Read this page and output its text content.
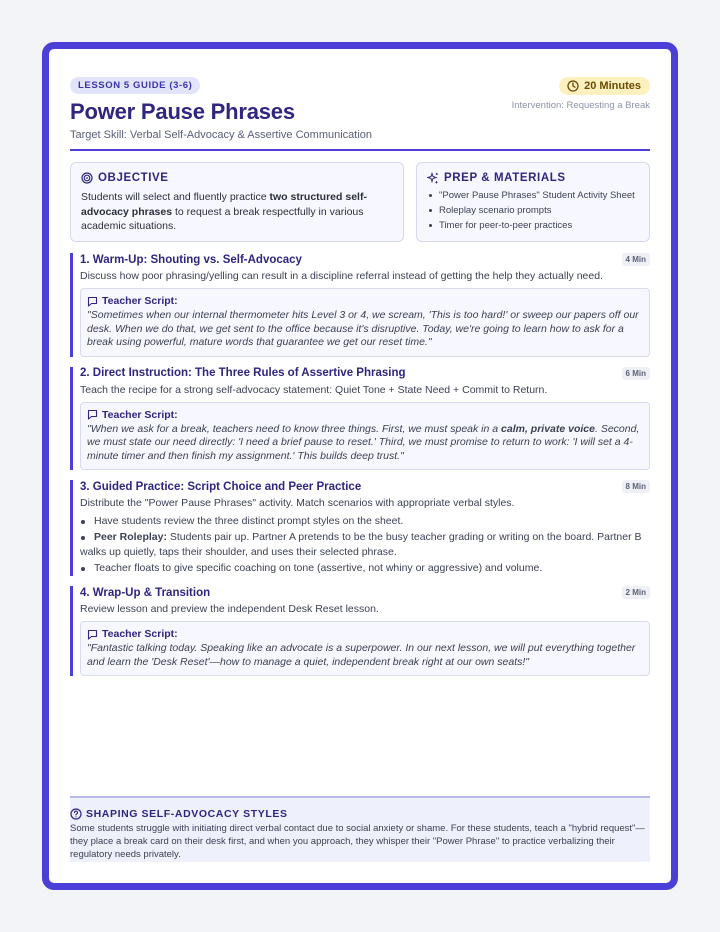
LESSON 5 GUIDE (3-6)
Power Pause Phrases
Target Skill: Verbal Self-Advocacy & Assertive Communication
20 Minutes
Intervention: Requesting a Break
OBJECTIVE
Students will select and fluently practice two structured self-advocacy phrases to request a break respectfully in various academic situations.
PREP & MATERIALS
"Power Pause Phrases" Student Activity Sheet
Roleplay scenario prompts
Timer for peer-to-peer practices
1. Warm-Up: Shouting vs. Self-Advocacy	4 Min
Discuss how poor phrasing/yelling can result in a discipline referral instead of getting the help they actually need.
Teacher Script:
"Sometimes when our internal thermometer hits Level 3 or 4, we scream, 'This is too hard!' or sweep our papers off our desk. When we do that, we get sent to the office because it's disruptive. Today, we're going to learn how to ask for a break using powerful, mature words that guarantee we get our reset time."
2. Direct Instruction: The Three Rules of Assertive Phrasing	6 Min
Teach the recipe for a strong self-advocacy statement: Quiet Tone + State Need + Commit to Return.
Teacher Script:
"When we ask for a break, teachers need to know three things. First, we must speak in a calm, private voice. Second, we must state our need directly: 'I need a brief pause to reset.' Third, we must promise to return to work: 'I will set a 4-minute timer and then finish my assignment.' This builds deep trust."
3. Guided Practice: Script Choice and Peer Practice	8 Min
Distribute the "Power Pause Phrases" activity. Match scenarios with appropriate verbal styles.
Have students review the three distinct prompt styles on the sheet.
Peer Roleplay: Students pair up. Partner A pretends to be the busy teacher grading or writing on the board. Partner B walks up quietly, taps their shoulder, and uses their selected phrase.
Teacher floats to give specific coaching on tone (assertive, not whiny or aggressive) and volume.
4. Wrap-Up & Transition	2 Min
Review lesson and preview the independent Desk Reset lesson.
Teacher Script:
"Fantastic talking today. Speaking like an advocate is a superpower. In our next lesson, we will put everything together and learn the 'Desk Reset'—how to manage a quiet, independent break right at our own seats!"
SHAPING SELF-ADVOCACY STYLES
Some students struggle with initiating direct verbal contact due to social anxiety or shame. For these students, teach a "hybrid request"—they place a break card on their desk first, and when you approach, they whisper their "Power Phrase" to practice verbalizing their regulatory needs privately.
